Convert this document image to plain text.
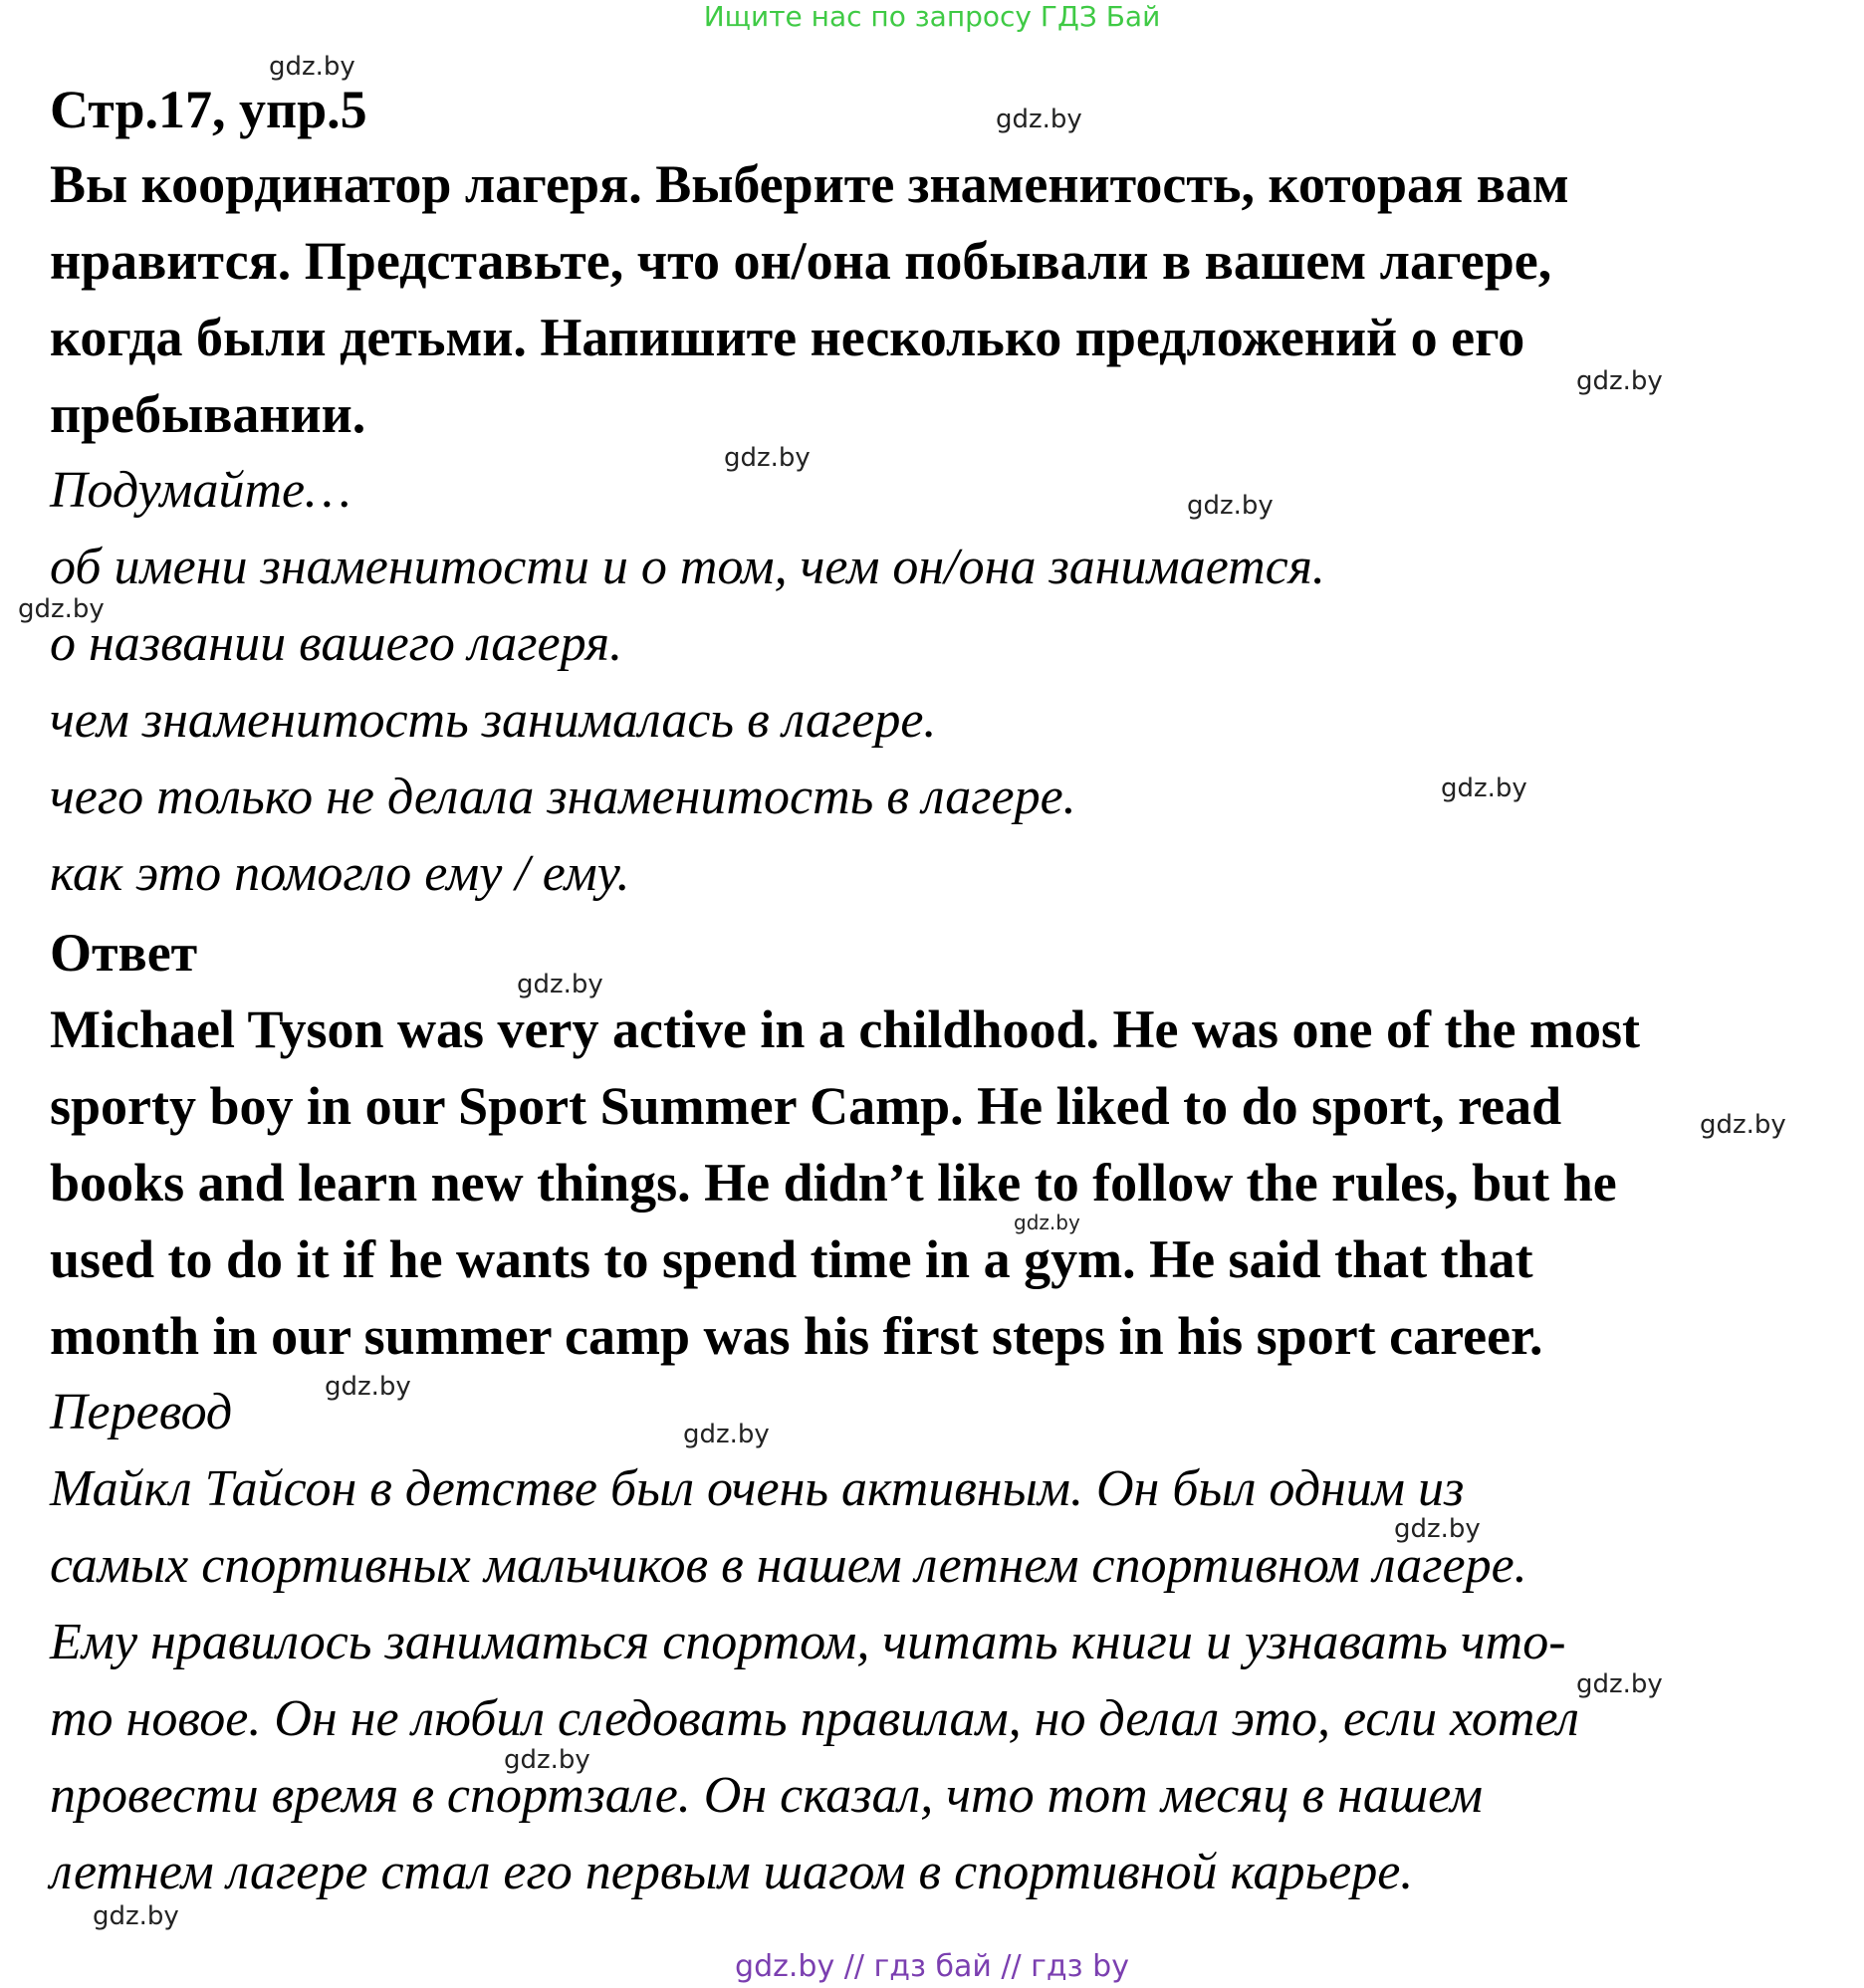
Ищите нас по запросу ГДЗ Бай
Стр.17, упр.5
Вы координатор лагеря. Выберите знаменитость, которая вам
нравится. Представьте, что он/она побывали в вашем лагере,
когда были детьми. Напишите несколько предложений о его
пребывании.
Подумайте…
об имени знаменитости и о том, чем он/она занимается.
о названии вашего лагеря.
чем знаменитость занималась в лагере.
чего только не делала знаменитость в лагере.
как это помогло ему / ему.
Ответ
Michael Tyson was very active in a childhood. He was one of the most
sporty boy in our Sport Summer Camp. He liked to do sport, read
books and learn new things. He didn’t like to follow the rules, but he
used to do it if he wants to spend time in a gym. He said that that
month in our summer camp was his first steps in his sport career.
Перевод
Майкл Тайсон в детстве был очень активным. Он был одним из
самых спортивных мальчиков в нашем летнем спортивном лагере.
Ему нравилось заниматься спортом, читать книги и узнавать что-
то новое. Он не любил следовать правилам, но делал это, если хотел
провести время в спортзале. Он сказал, что тот месяц в нашем
летнем лагере стал его первым шагом в спортивной карьере.
gdz.by
gdz.by
gdz.by
gdz.by
gdz.by
gdz.by
gdz.by
gdz.by
gdz.by
gdz.by
gdz.by
gdz.by
gdz.by
gdz.by
gdz.by
gdz.by
gdz.by // гдз бай // гдз by
